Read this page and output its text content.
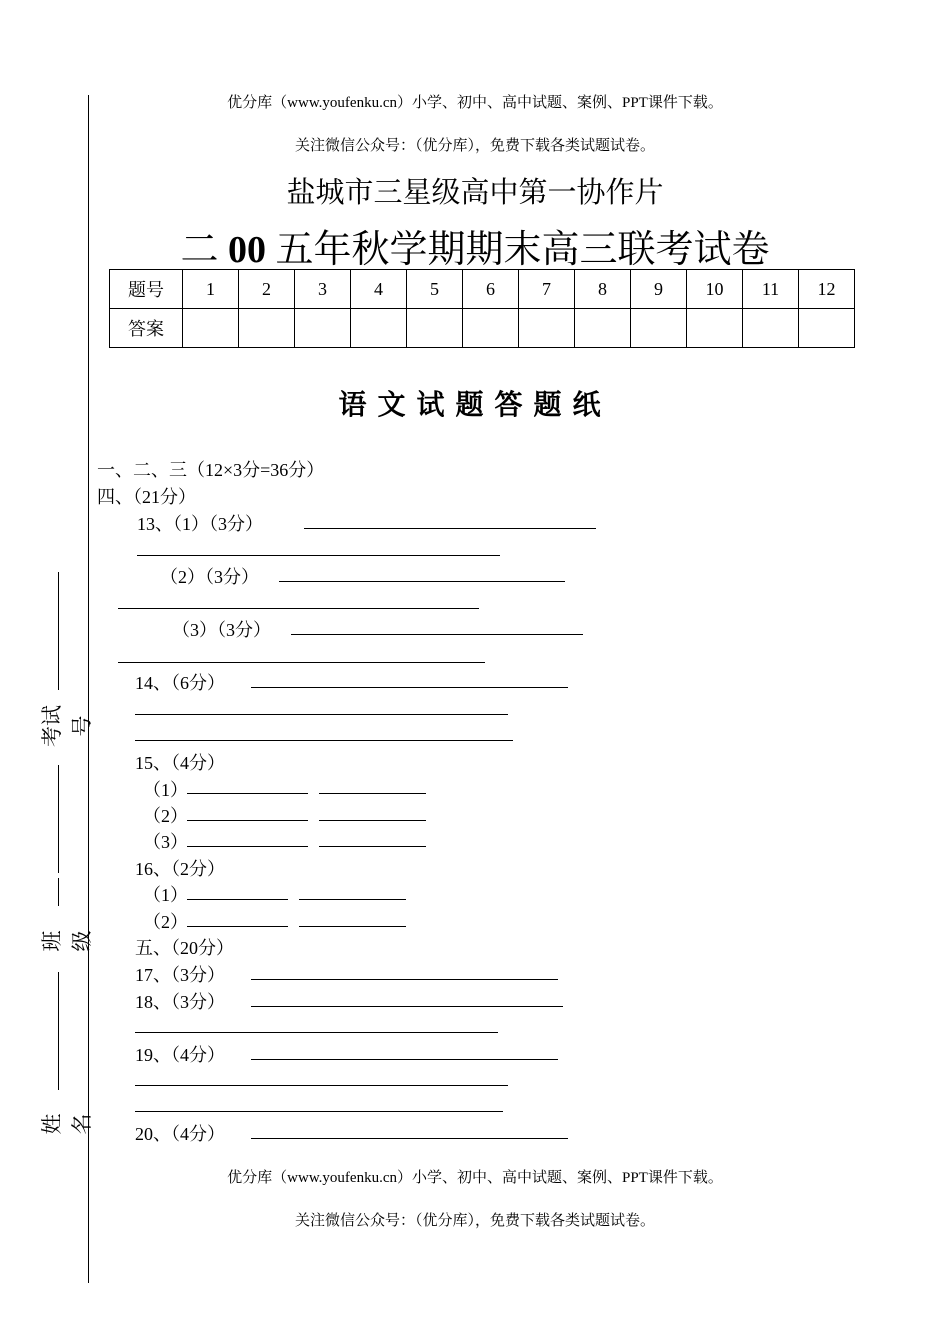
优分库（www.youfenku.cn）小学、初中、高中试题、案例、PPT课件下载。
关注微信公众号：（优分库），免费下载各类试题试卷。
盐城市三星级高中第一协作片
二 00 五年秋学期期末高三联考试卷
题号	1	2	3	4	5	6	7	8	9	10	11	12
答案												
语文试题答题纸
一、二、三（12×3分=36分）
四、（21分）
13、（1）（3分）
（2）（3分）
（3）（3分）
14、（6分）
15、（4分）
（1）
（2）
（3）
16、（2分）
（1）
（2）
五、（20分）
17、（3分）
18、（3分）
19、（4分）
20、（4分）
考试号
班级
姓名
优分库（www.youfenku.cn）小学、初中、高中试题、案例、PPT课件下载。
关注微信公众号：（优分库），免费下载各类试题试卷。
